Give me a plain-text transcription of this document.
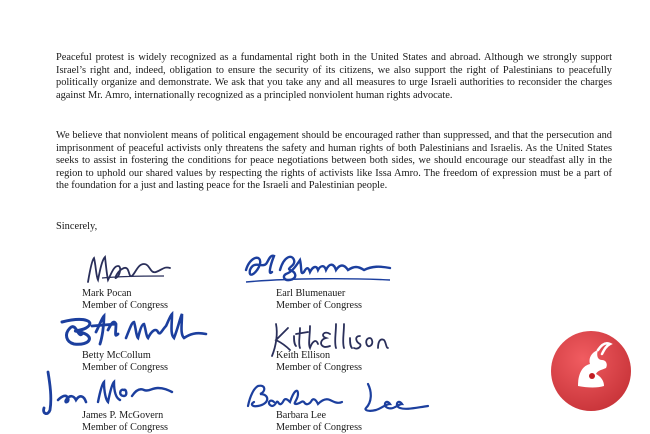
Peaceful protest is widely recognized as a fundamental right both in the United States and abroad. Although we strongly support Israel’s right and, indeed, obligation to ensure the security of its citizens, we also support the right of Palestinians to peacefully politically organize and demonstrate. We ask that you take any and all measures to urge Israeli authorities to reconsider the charges against Mr. Amro, internationally recognized as a principled nonviolent human rights advocate.

We believe that nonviolent means of political engagement should be encouraged rather than suppressed, and that the persecution and imprisonment of peaceful activists only threatens the safety and human rights of both Palestinians and Israelis. As the United States seeks to assist in fostering the conditions for peace negotiations between both sides, we should encourage our steadfast ally in the region to uphold our shared values by respecting the rights of activists like Issa Amro. The freedom of expression must be a part of the foundation for a just and lasting peace for the Israeli and Palestinian people.

Sincerely,
Mark Pocan
Member of Congress
Earl Blumenauer
Member of Congress
Betty McCollum
Member of Congress
Keith Ellison
Member of Congress
James P. McGovern
Member of Congress
Barbara Lee
Member of Congress
